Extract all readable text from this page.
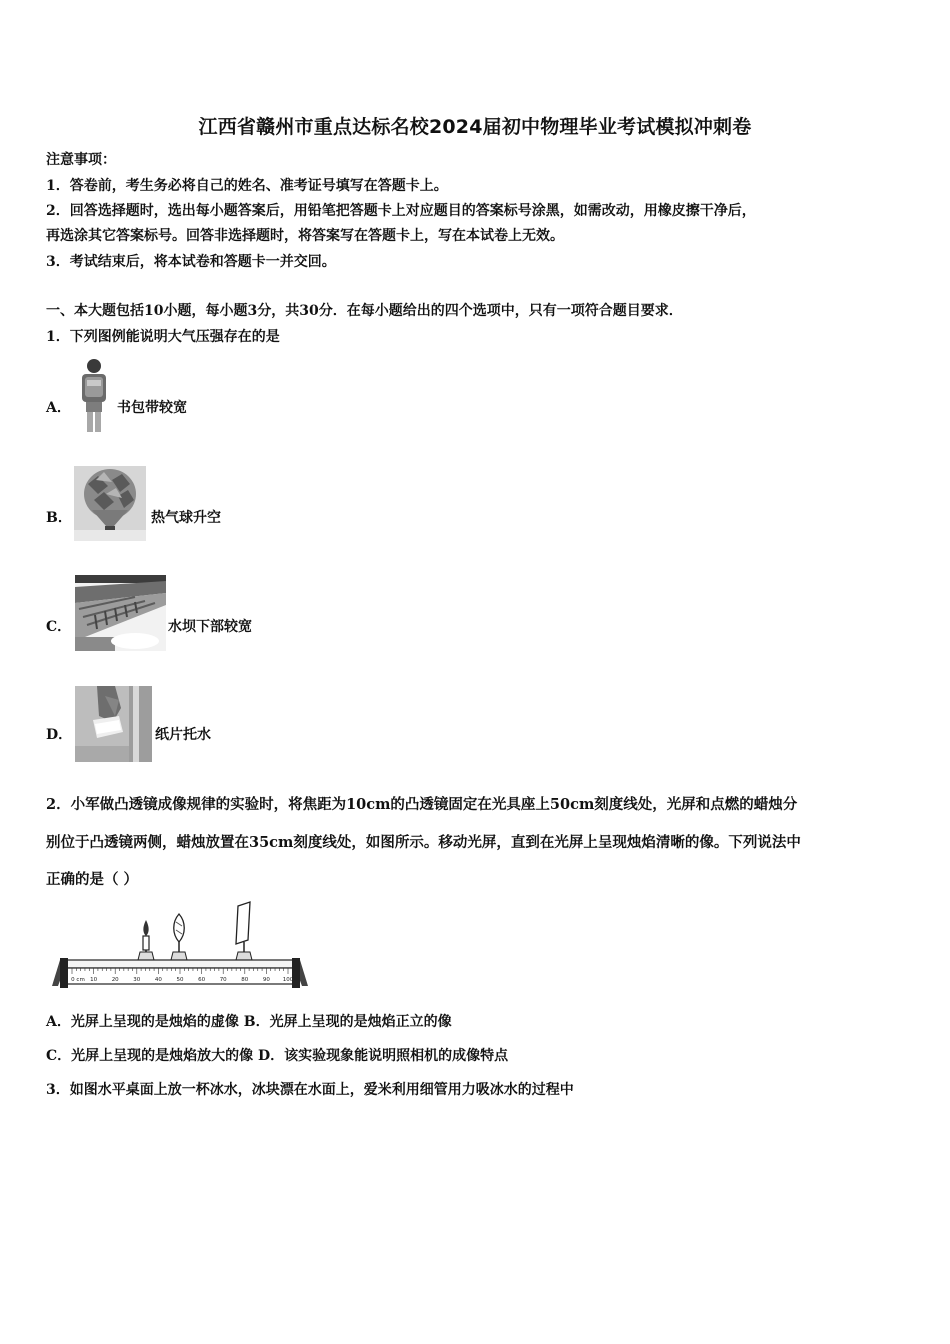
江西省赣州市重点达标名校2024届初中物理毕业考试模拟冲刺卷
注意事项：
1．答卷前，考生务必将自己的姓名、准考证号填写在答题卡上。
2．回答选择题时，选出每小题答案后，用铅笔把答题卡上对应题目的答案标号涂黑，如需改动，用橡皮擦干净后，
再选涂其它答案标号。回答非选择题时，将答案写在答题卡上，写在本试卷上无效。
3．考试结束后，将本试卷和答题卡一并交回。
一、本大题包括10小题，每小题3分，共30分．在每小题给出的四个选项中，只有一项符合题目要求．
1．下列图例能说明大气压强存在的是
A．	书包带较宽
B．	热气球升空
C．	水坝下部较宽
D．	纸片托水
2．小军做凸透镜成像规律的实验时，将焦距为10cm的凸透镜固定在光具座上50cm刻度线处，光屏和点燃的蜡烛分
别位于凸透镜两侧，蜡烛放置在35cm刻度线处，如图所示。移动光屏，直到在光屏上呈现烛焰清晰的像。下列说法中
正确的是（ ）
0 cm 10	20	30	40	50	60	70	80	90 100
A．光屏上呈现的是烛焰的虚像 B．光屏上呈现的是烛焰正立的像
C．光屏上呈现的是烛焰放大的像 D．该实验现象能说明照相机的成像特点
3．如图水平桌面上放一杯冰水，冰块漂在水面上，爱米利用细管用力吸冰水的过程中
